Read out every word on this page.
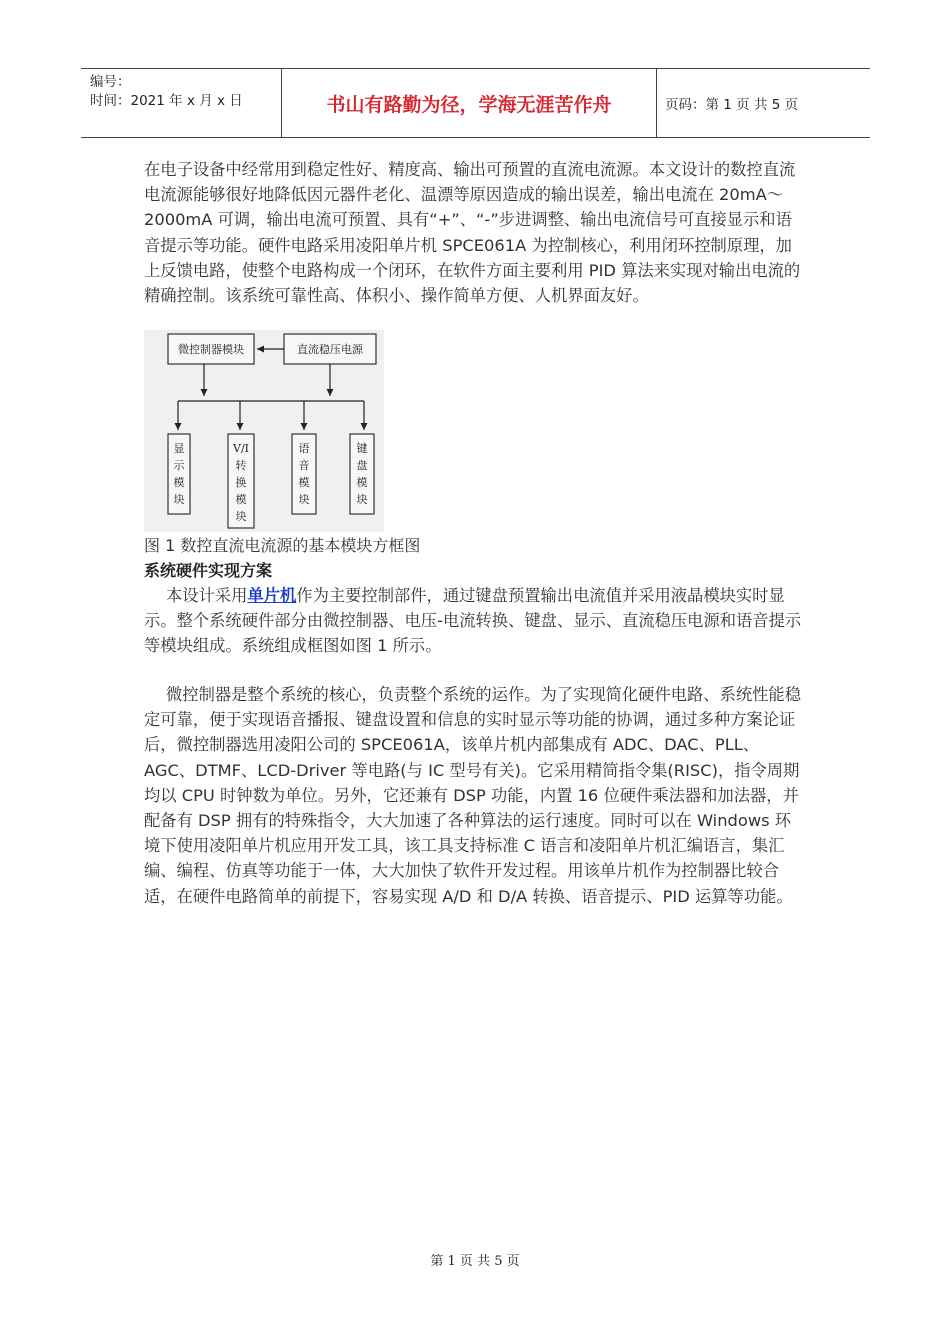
编号：
时间：2021 年 x 月 x 日	书山有路勤为径，学海无涯苦作舟	页码：第 1 页 共 5 页
在电子设备中经常用到稳定性好、精度高、输出可预置的直流电流源。本文设计的数控直流电流源能够很好地降低因元器件老化、温漂等原因造成的输出误差，输出电流在 20mA～2000mA 可调，输出电流可预置、具有“+”、“-”步进调整、输出电流信号可直接显示和语音提示等功能。硬件电路采用凌阳单片机 SPCE061A 为控制核心，利用闭环控制原理，加上反馈电路，使整个电路构成一个闭环，在软件方面主要利用 PID 算法来实现对输出电流的精确控制。该系统可靠性高、体积小、操作简单方便、人机界面友好。
微控制器模块	直流稳压电源
显示模块
V/I 转换模块
语音模块
键盘模块
图 1 数控直流电流源的基本模块方框图
系统硬件实现方案
本设计采用单片机作为主要控制部件，通过键盘预置输出电流值并采用液晶模块实时显示。整个系统硬件部分由微控制器、电压-电流转换、键盘、显示、直流稳压电源和语音提示等模块组成。系统组成框图如图 1 所示。
微控制器是整个系统的核心，负责整个系统的运作。为了实现简化硬件电路、系统性能稳定可靠，便于实现语音播报、键盘设置和信息的实时显示等功能的协调，通过多种方案论证后，微控制器选用凌阳公司的 SPCE061A，该单片机内部集成有 ADC、DAC、PLL、AGC、DTMF、LCD-Driver 等电路(与 IC 型号有关)。它采用精简指令集(RISC)，指令周期均以 CPU 时钟数为单位。另外，它还兼有 DSP 功能，内置 16 位硬件乘法器和加法器，并配备有 DSP 拥有的特殊指令，大大加速了各种算法的运行速度。同时可以在 Windows 环境下使用凌阳单片机应用开发工具，该工具支持标准 C 语言和凌阳单片机汇编语言，集汇编、编程、仿真等功能于一体，大大加快了软件开发过程。用该单片机作为控制器比较合适，在硬件电路简单的前提下，容易实现 A/D 和 D/A 转换、语音提示、PID 运算等功能。
第 1 页 共 5 页
